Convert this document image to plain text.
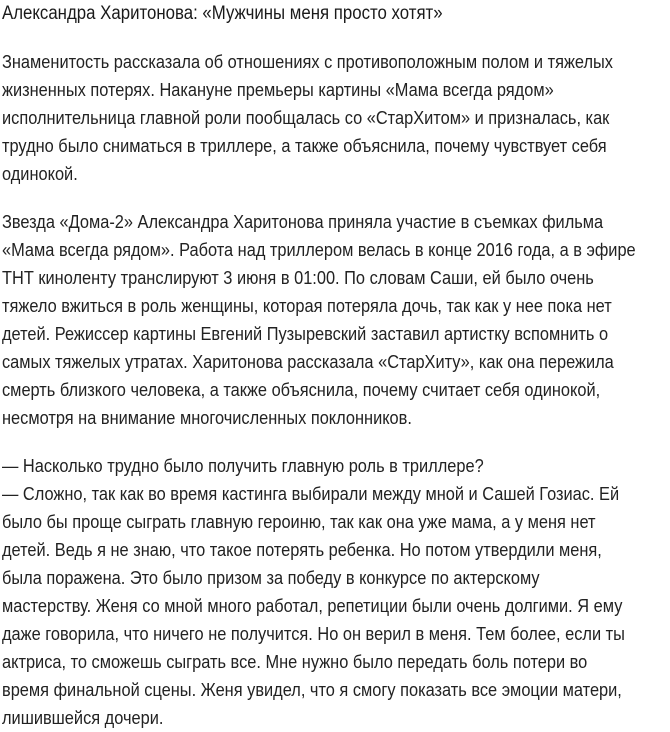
Александра Харитонова: «Мужчины меня просто хотят»

Знаменитость рассказала об отношениях с противоположным полом и тяжелых
жизненных потерях. Накануне премьеры картины «Мама всегда рядом»
исполнительница главной роли пообщалась со «СтарХитом» и призналась, как
трудно было сниматься в триллере, а также объяснила, почему чувствует себя
одинокой.

Звезда «Дома-2» Александра Харитонова приняла участие в съемках фильма
«Мама всегда рядом». Работа над триллером велась в конце 2016 года, а в эфире
ТНТ киноленту транслируют 3 июня в 01:00. По словам Саши, ей было очень
тяжело вжиться в роль женщины, которая потеряла дочь, так как у нее пока нет
детей. Режиссер картины Евгений Пузыревский заставил артистку вспомнить о
самых тяжелых утратах. Харитонова рассказала «СтарХиту», как она пережила
смерть близкого человека, а также объяснила, почему считает себя одинокой,
несмотря на внимание многочисленных поклонников.

— Насколько трудно было получить главную роль в триллере?
— Сложно, так как во время кастинга выбирали между мной и Сашей Гозиас. Ей
было бы проще сыграть главную героиню, так как она уже мама, а у меня нет
детей. Ведь я не знаю, что такое потерять ребенка. Но потом утвердили меня,
была поражена. Это было призом за победу в конкурсе по актерскому
мастерству. Женя со мной много работал, репетиции были очень долгими. Я ему
даже говорила, что ничего не получится. Но он верил в меня. Тем более, если ты
актриса, то сможешь сыграть все. Мне нужно было передать боль потери во
время финальной сцены. Женя увидел, что я смогу показать все эмоции матери,
лишившейся дочери.
